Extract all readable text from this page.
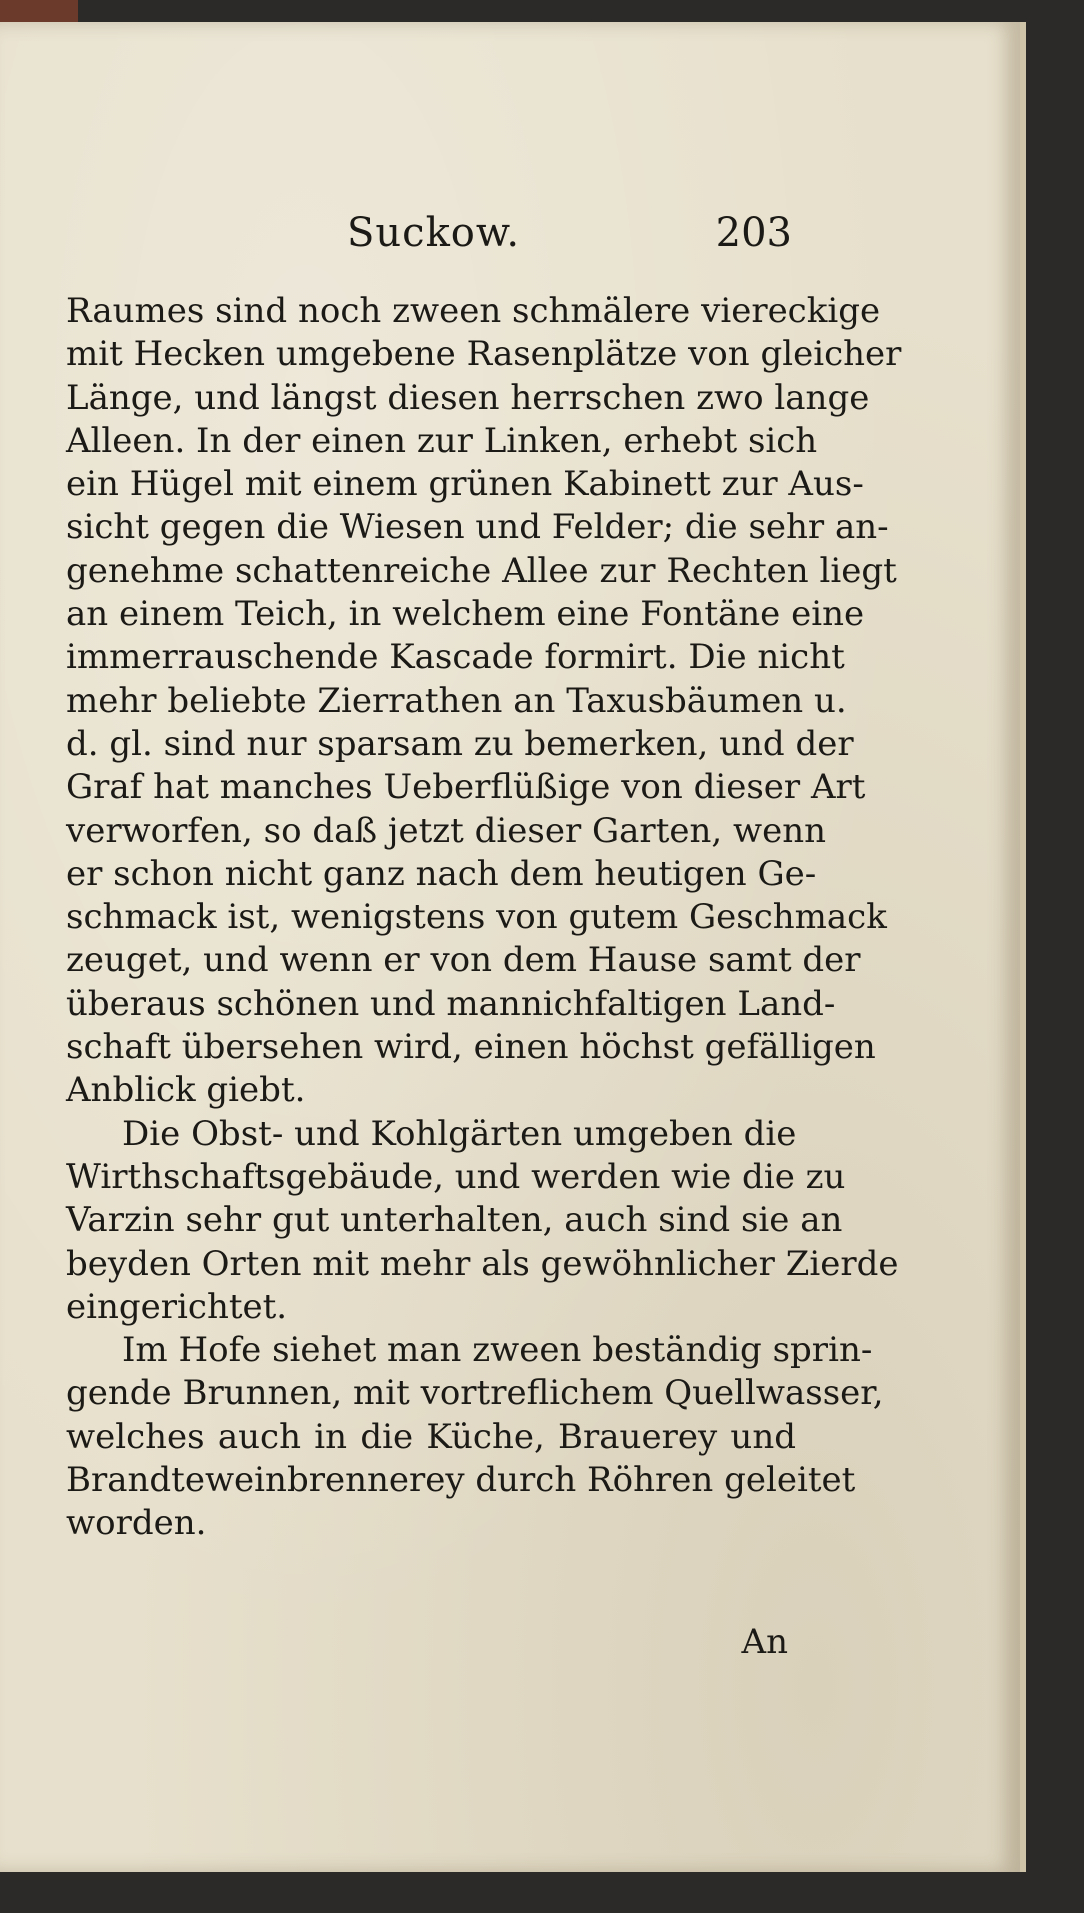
Suckow.	203
Raumes sind noch zween schmälere viereckige
mit Hecken umgebene Rasenplätze von gleicher
Länge, und längst diesen herrschen zwo lange
Alleen. In der einen zur Linken, erhebt sich
ein Hügel mit einem grünen Kabinett zur Aus-
sicht gegen die Wiesen und Felder; die sehr an-
genehme schattenreiche Allee zur Rechten liegt
an einem Teich, in welchem eine Fontäne eine
immerrauschende Kascade formirt. Die nicht
mehr beliebte Zierrathen an Taxusbäumen u.
d. gl. sind nur sparsam zu bemerken, und der
Graf hat manches Ueberflüßige von dieser Art
verworfen, so daß jetzt dieser Garten, wenn
er schon nicht ganz nach dem heutigen Ge-
schmack ist, wenigstens von gutem Geschmack
zeuget, und wenn er von dem Hause samt der
überaus schönen und mannichfaltigen Land-
schaft übersehen wird, einen höchst gefälligen
Anblick giebt.
Die Obst- und Kohlgärten umgeben die
Wirthschaftsgebäude, und werden wie die zu
Varzin sehr gut unterhalten, auch sind sie an
beyden Orten mit mehr als gewöhnlicher Zierde
eingerichtet.
Im Hofe siehet man zween beständig sprin-
gende Brunnen, mit vortreflichem Quellwasser,
welches auch in die Küche, Brauerey und
Brandteweinbrennerey durch Röhren geleitet
worden.
An
